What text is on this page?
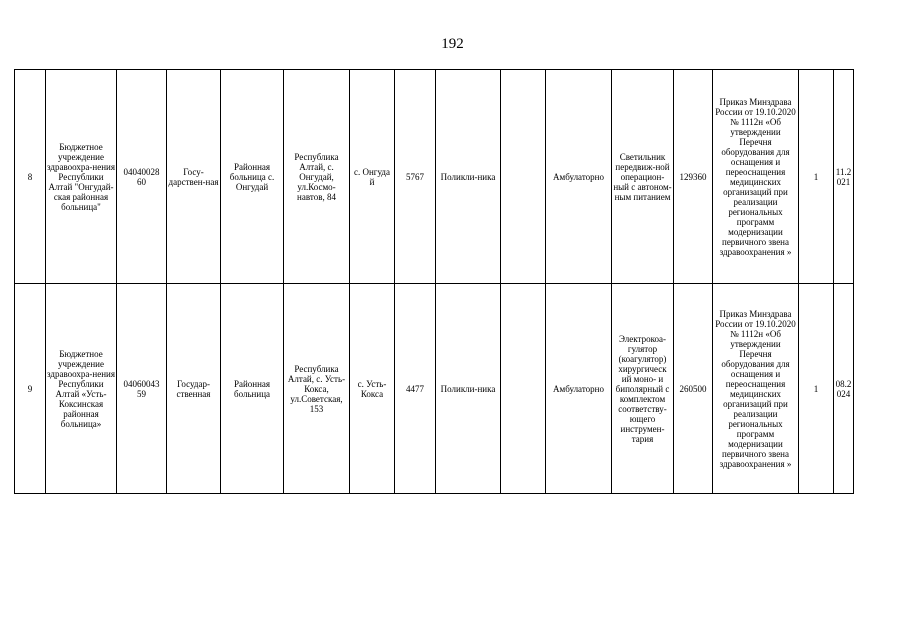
192
8	Бюджетное учреждение здравоохра-нения Республики Алтай "Онгудай-ская районная больница"	04040028 60	Госу-дарствен-ная	Районная больница с. Онгудай	Республика Алтай, с. Онгудай, ул.Космо-навтов, 84	с. Онгуда й	5767	Поликли-ника		Амбулаторно	Светильник передвиж-ной операцион-ный с автоном-ным питанием	129360	Приказ Минздрава России от 19.10.2020 № 1112н «Об утверждении Перечня оборудования для оснащения и переоснащения медицинских организаций при реализации региональных программ модернизации первичного звена здравоохранения »	1	11.2021
9	Бюджетное учреждение здравоохра-нения Республики Алтай «Усть-Коксинская районная больница»	04060043 59	Государ-ственная	Районная больница	Республика Алтай, с. Усть-Кокса, ул.Советская, 153	с. Усть-Кокса	4477	Поликли-ника		Амбулаторно	Электрокоа-гулятор (коагулятор) хирургическ ий моно- и биполярный с комплектом соответству-ющего инструмен-тария	260500	Приказ Минздрава России от 19.10.2020 № 1112н «Об утверждении Перечня оборудования для оснащения и переоснащения медицинских организаций при реализации региональных программ модернизации первичного звена здравоохранения »	1	08.2024
